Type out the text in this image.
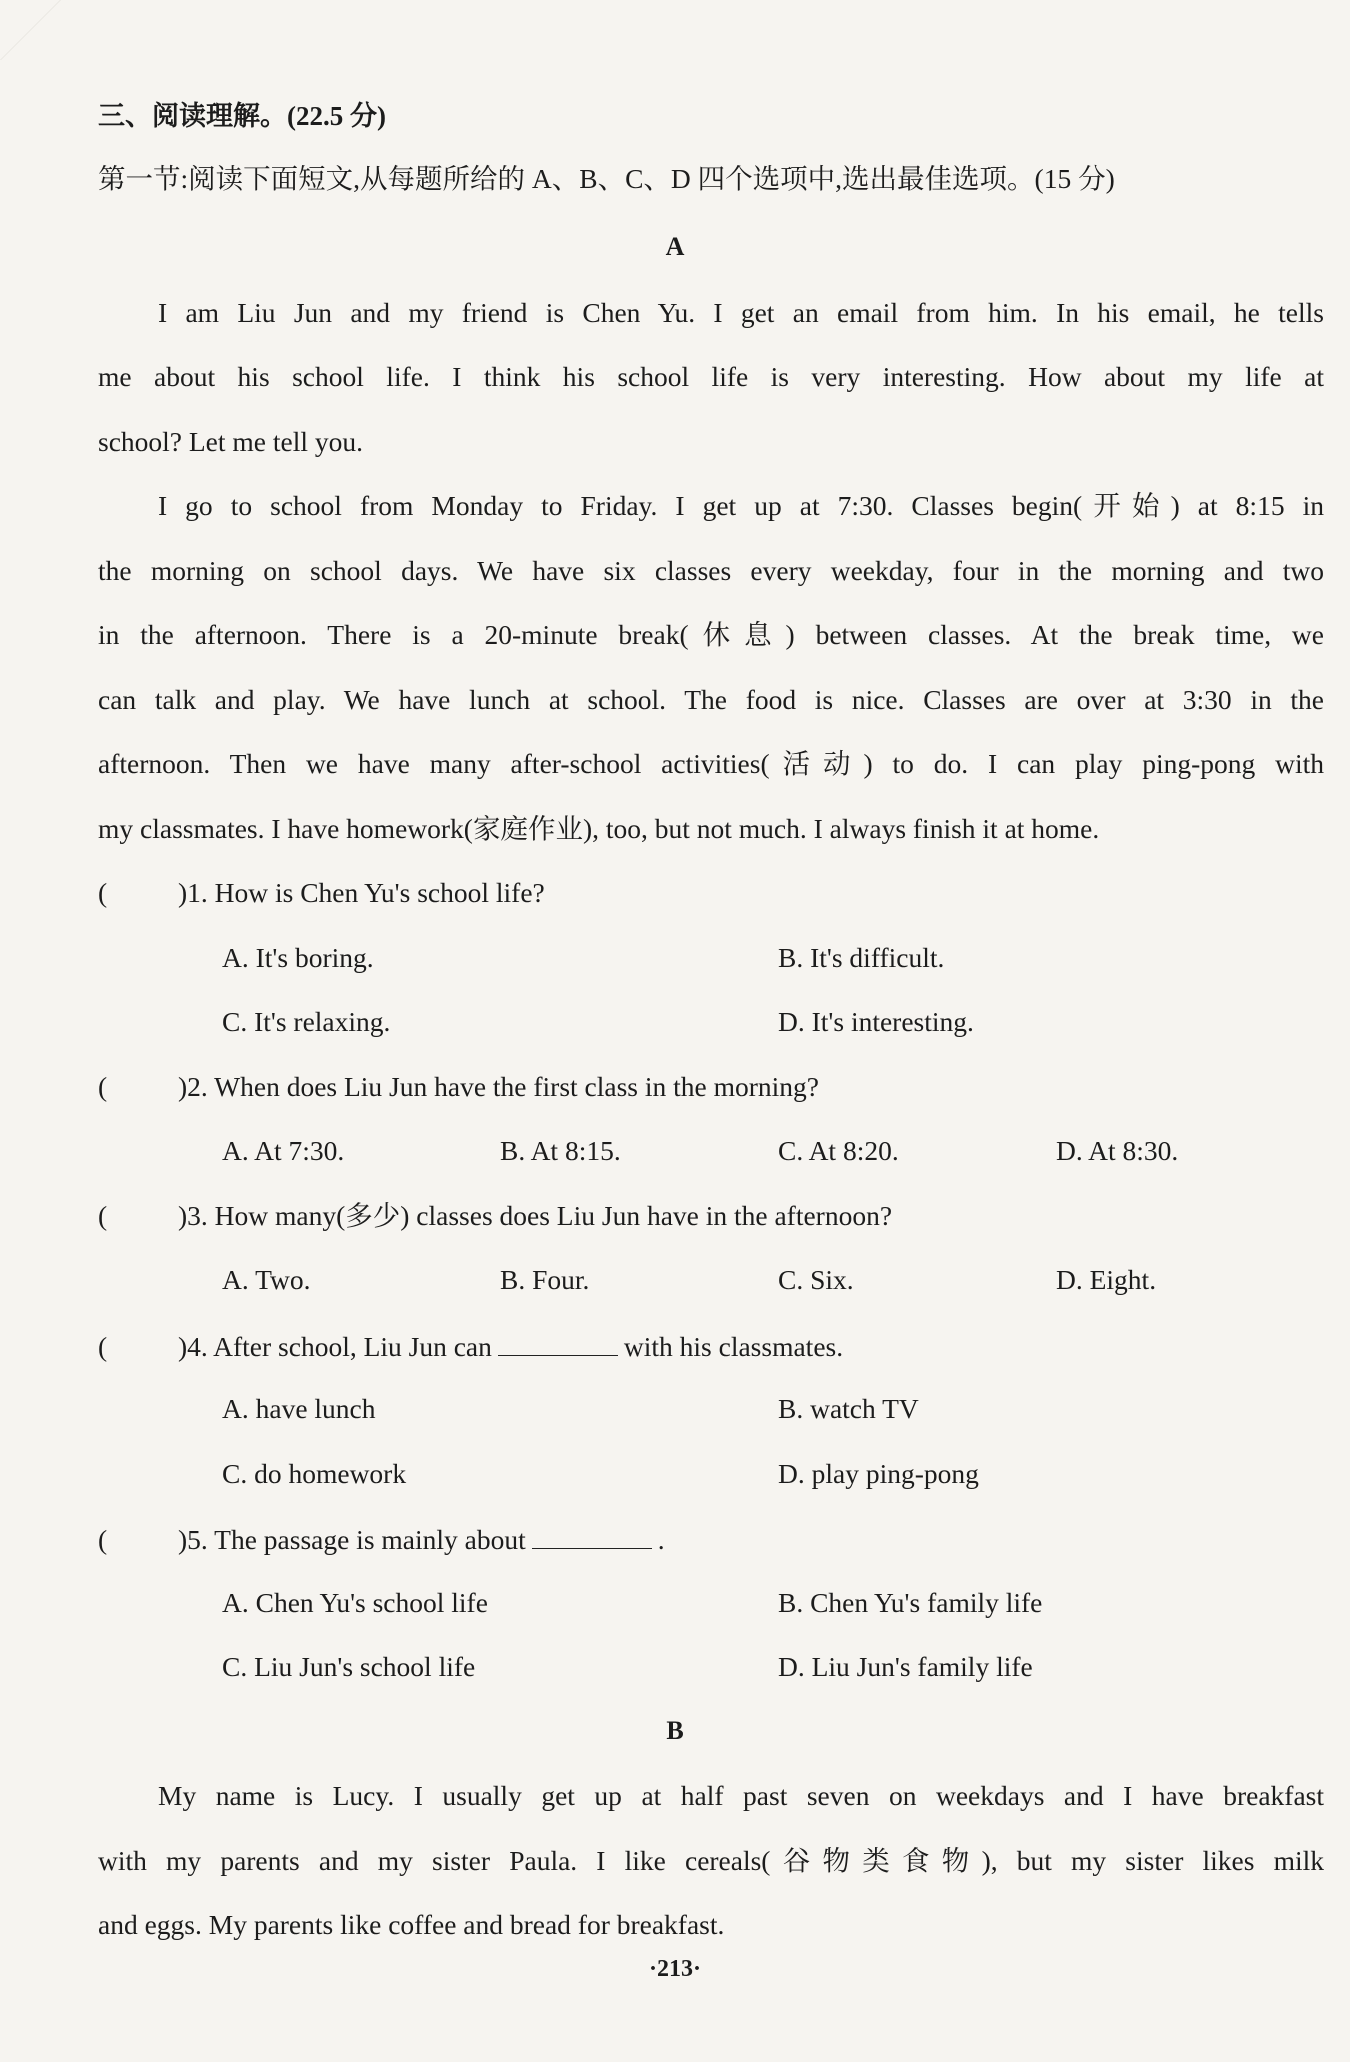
三、阅读理解。(22.5 分)
第一节:阅读下面短文,从每题所给的 A、B、C、D 四个选项中,选出最佳选项。(15 分)
A
I am Liu Jun and my friend is Chen Yu. I get an email from him. In his email, he tells
me about his school life. I think his school life is very interesting. How about my life at
school? Let me tell you.
I go to school from Monday to Friday. I get up at 7:30. Classes begin(开始) at 8:15 in
the morning on school days. We have six classes every weekday, four in the morning and two
in the afternoon. There is a 20-minute break(休息) between classes. At the break time, we
can talk and play. We have lunch at school. The food is nice. Classes are over at 3:30 in the
afternoon. Then we have many after-school activities(活动) to do. I can play ping-pong with
my classmates. I have homework(家庭作业), too, but not much. I always finish it at home.
(	)1. How is Chen Yu's school life?
A. It's boring.	B. It's difficult.
C. It's relaxing.	D. It's interesting.
(	)2. When does Liu Jun have the first class in the morning?
A. At 7:30.	B. At 8:15.	C. At 8:20.	D. At 8:30.
(	)3. How many(多少) classes does Liu Jun have in the afternoon?
A. Two.	B. Four.	C. Six.	D. Eight.
(	)4. After school, Liu Jun can	with his classmates.
A. have lunch	B. watch TV
C. do homework	D. play ping-pong
(	)5. The passage is mainly about	.
A. Chen Yu's school life	B. Chen Yu's family life
C. Liu Jun's school life	D. Liu Jun's family life
B
My name is Lucy. I usually get up at half past seven on weekdays and I have breakfast
with my parents and my sister Paula. I like cereals(谷物类食物), but my sister likes milk
and eggs. My parents like coffee and bread for breakfast.
·213·
